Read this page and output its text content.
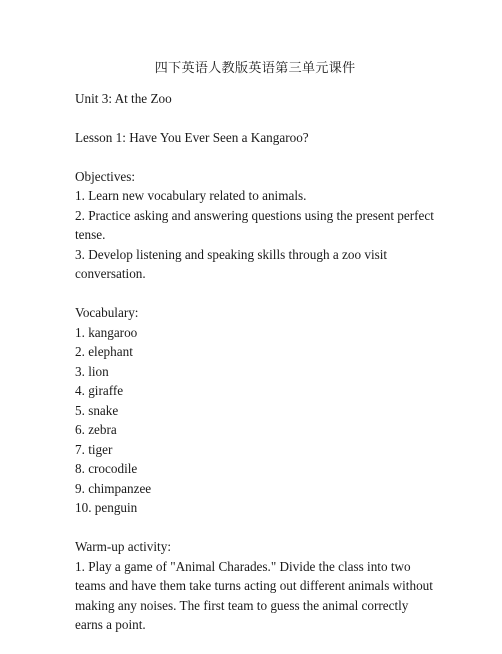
四下英语人教版英语第三单元课件
Unit 3: At the Zoo
Lesson 1: Have You Ever Seen a Kangaroo?
Objectives:
1. Learn new vocabulary related to animals.
2. Practice asking and answering questions using the present perfect tense.
3. Develop listening and speaking skills through a zoo visit conversation.
Vocabulary:
1. kangaroo
2. elephant
3. lion
4. giraffe
5. snake
6. zebra
7. tiger
8. crocodile
9. chimpanzee
10. penguin
Warm-up activity:
1. Play a game of "Animal Charades." Divide the class into two teams and have them take turns acting out different animals without making any noises. The first team to guess the animal correctly earns a point.
